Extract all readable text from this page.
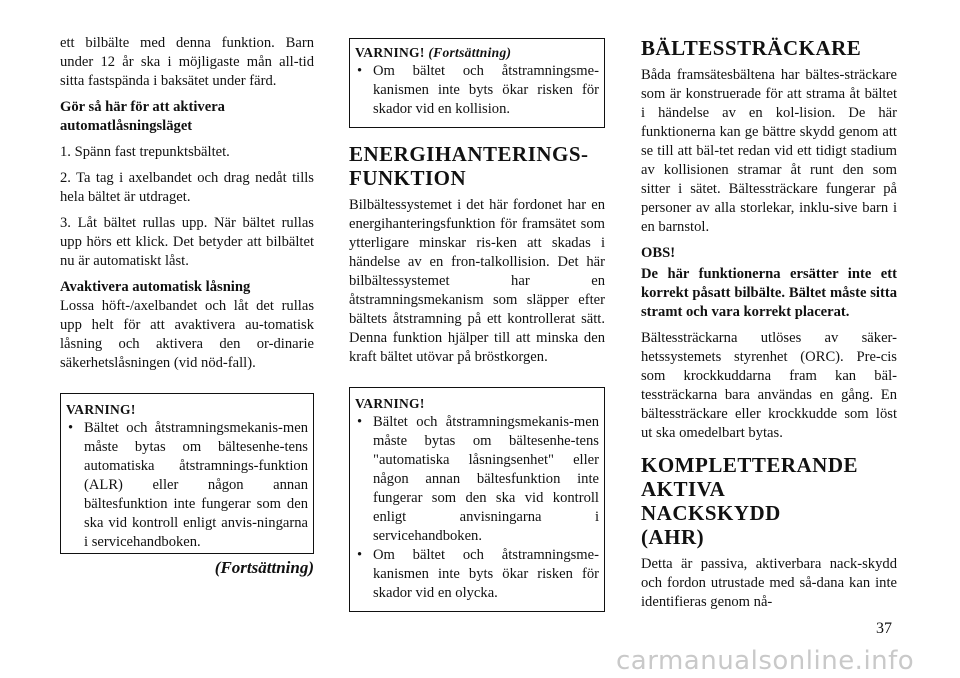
ett bilbälte med denna funktion. Barn under 12 år ska i möjligaste mån all-tid sitta fastspända i baksätet under färd.

Gör så här för att aktivera automatlåsningsläget

1. Spänn fast trepunktsbältet.

2. Ta tag i axelbandet och drag nedåt tills hela bältet är utdraget.

3. Låt bältet rullas upp. När bältet rullas upp hörs ett klick. Det betyder att bilbältet nu är automatiskt låst.

Avaktivera automatisk låsning

Lossa höft-/axelbandet och låt det rullas upp helt för att avaktivera au-tomatisk låsning och aktivera den or-dinarie säkerhetslåsningen (vid nöd-fall).

VARNING!
• Bältet och åtstramningsmekanis-men måste bytas om bältesenhe-tens automatiska åtstramnings-funktion (ALR) eller någon annan bältesfunktion inte fungerar som den ska vid kontroll enligt anvis-ningarna i servicehandboken.
(Fortsättning)
VARNING! (Fortsättning)
• Om bältet och åtstramningsme-kanismen inte byts ökar risken för skador vid en kollision.
ENERGIHANTERINGS-FUNKTION

Bilbältessystemet i det här fordonet har en energihanteringsfunktion för framsätet som ytterligare minskar ris-ken att skadas i händelse av en fron-talkollision. Det här bilbältessystemet har en åtstramningsmekanism som släpper efter bältets åtstramning på ett kontrollerat sätt. Denna funktion hjälper till att minska den kraft bältet utövar på bröstkorgen.

VARNING!
• Bältet och åtstramningsmekanis-men måste bytas om bältesenhe-tens "automatiska låsningsenhet" eller någon annan bältesfunktion inte fungerar som den ska vid kontroll enligt anvisningarna i servicehandboken.
• Om bältet och åtstramningsme-kanismen inte byts ökar risken för skador vid en olycka.
BÄLTESSTRÄCKARE

Båda framsätesbältena har bältes-sträckare som är konstruerade för att strama åt bältet i händelse av en kol-lision. De här funktionerna kan ge bättre skydd genom att se till att bäl-tet redan vid ett tidigt stadium av kollisionen stramar åt runt den som sitter i sätet. Bältessträckare fungerar på personer av alla storlekar, inklu-sive barn i en barnstol.

OBS!

De här funktionerna ersätter inte ett korrekt påsatt bilbälte. Bältet måste sitta stramt och vara korrekt placerat.

Bältessträckarna utlöses av säker-hetssystemets styrenhet (ORC). Pre-cis som krockkuddarna fram kan bäl-tessträckarna bara användas en gång. En bältessträckare eller krockkudde som löst ut ska omedelbart bytas.

KOMPLETTERANDE AKTIVA NACKSKYDD (AHR)

Detta är passiva, aktiverbara nack-skydd och fordon utrustade med så-dana kan inte identifieras genom nå-

37
carmanualsonline.info
